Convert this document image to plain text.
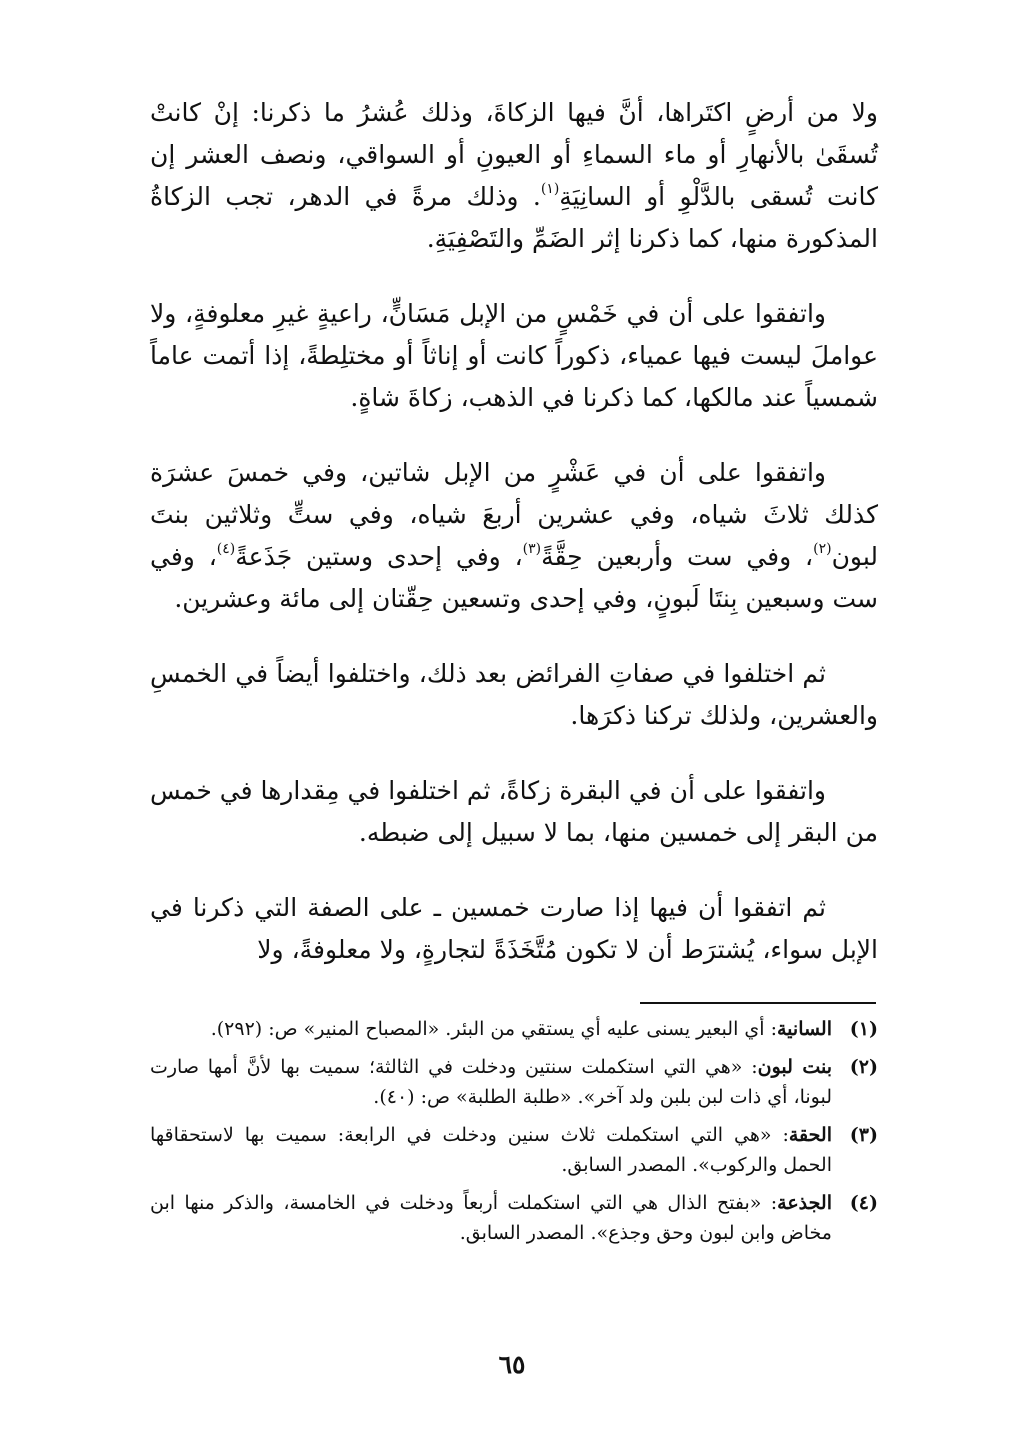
ولا من أرضٍ اكتَراها، أنَّ فيها الزكاةَ، وذلك عُشرُ ما ذكرنا: إنْ كانتْ تُسقَىٰ بالأنهارِ أو ماء السماءِ أو العيونِ أو السواقي، ونصف العشر إن كانت تُسقى بالدَّلْوِ أو السانِيَةِ$^{(١)}$. وذلك مرةً في الدهر، تجب الزكاةُ المذكورة منها، كما ذكرنا إثر الضَمِّ والتَصْفِيَةِ.

واتفقوا على أن في خَمْسٍ من الإبل مَسَانٍّ، راعيةٍ غيرِ معلوفةٍ، ولا عواملَ ليست فيها عمياء، ذكوراً كانت أو إناثاً أو مختلِطةً، إذا أتمت عاماً شمسياً عند مالكها، كما ذكرنا في الذهب، زكاةَ شاةٍ.

واتفقوا على أن في عَشْرٍ من الإبل شاتين، وفي خمسَ عشرَة كذلك ثلاثَ شياه، وفي عشرين أربعَ شياه، وفي ستٍّ وثلاثين بنتَ لبون$^{(٢)}$، وفي ست وأربعين حِقَّةً$^{(٣)}$، وفي إحدى وستين جَذَعةً$^{(٤)}$، وفي ست وسبعين بِنتَا لَبونٍ، وفي إحدى وتسعين حِقّتان إلى مائة وعشرين.

ثم اختلفوا في صفاتِ الفرائض بعد ذلك، واختلفوا أيضاً في الخمسِ والعشرين، ولذلك تركنا ذكرَها.

واتفقوا على أن في البقرة زكاةً، ثم اختلفوا في مِقدارها في خمس من البقر إلى خمسين منها، بما لا سبيل إلى ضبطه.

ثم اتفقوا أن فيها إذا صارت خمسين ـ على الصفة التي ذكرنا في الإبل سواء، يُشترَط أن لا تكون مُتَّخَذَةً لتجارةٍ، ولا معلوفةً، ولا

(١)
السانية: أي البعير يسنى عليه أي يستقي من البئر. «المصباح المنير» ص: (٢٩٢).
(٢)
بنت لبون: «هي التي استكملت سنتين ودخلت في الثالثة؛ سميت بها لأنَّ أمها صارت لبونا، أي ذات لبن بلبن ولد آخر». «طلبة الطلبة» ص: (٤٠).
(٣)
الحقة: «هي التي استكملت ثلاث سنين ودخلت في الرابعة: سميت بها لاستحقاقها الحمل والركوب». المصدر السابق.
(٤)
الجذعة: «بفتح الذال هي التي استكملت أربعاً ودخلت في الخامسة، والذكر منها ابن مخاض وابن لبون وحق وجذع». المصدر السابق.
٦٥
